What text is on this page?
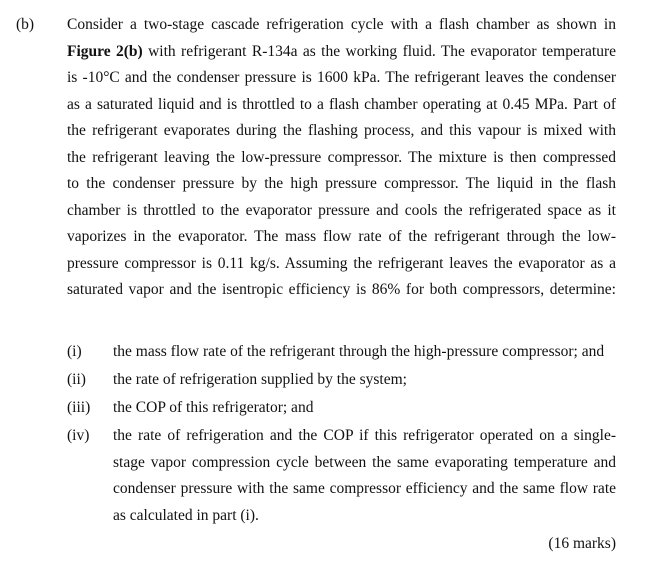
(b) Consider a two-stage cascade refrigeration cycle with a flash chamber as shown in
Figure 2(b) with refrigerant R-134a as the working fluid. The evaporator temperature
is -10°C and the condenser pressure is 1600 kPa. The refrigerant leaves the condenser
as a saturated liquid and is throttled to a flash chamber operating at 0.45 MPa. Part of
the refrigerant evaporates during the flashing process, and this vapour is mixed with
the refrigerant leaving the low-pressure compressor. The mixture is then compressed
to the condenser pressure by the high pressure compressor. The liquid in the flash
chamber is throttled to the evaporator pressure and cools the refrigerated space as it
vaporizes in the evaporator. The mass flow rate of the refrigerant through the low-
pressure compressor is 0.11 kg/s. Assuming the refrigerant leaves the evaporator as a
saturated vapor and the isentropic efficiency is 86% for both compressors, determine:
(i)	the mass flow rate of the refrigerant through the high-pressure compressor; and
(ii)	the rate of refrigeration supplied by the system;
(iii)	the COP of this refrigerator; and
(iv)	the rate of refrigeration and the COP if this refrigerator operated on a single-
stage vapor compression cycle between the same evaporating temperature and
condenser pressure with the same compressor efficiency and the same flow rate
as calculated in part (i).
(16 marks)
